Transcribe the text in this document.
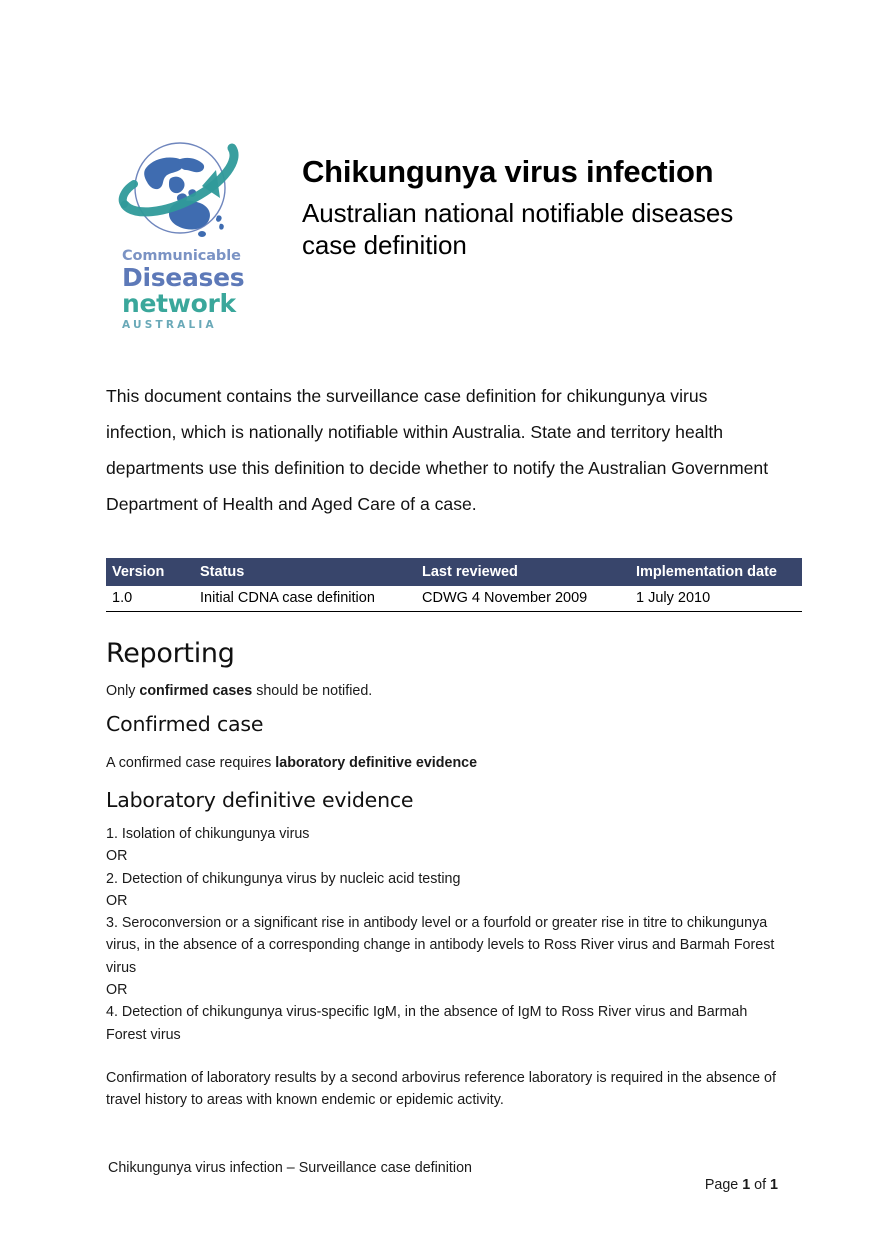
Communicable
Diseases
network
AUSTRALIA
Chikungunya virus infection
Australian national notifiable diseases case definition

This document contains the surveillance case definition for chikungunya virus infection, which is nationally notifiable within Australia. State and territory health departments use this definition to decide whether to notify the Australian Government Department of Health and Aged Care of a case.

Version	Status	Last reviewed	Implementation date
1.0	Initial CDNA case definition	CDWG 4 November 2009	1 July 2010
Reporting

Only confirmed cases should be notified.

Confirmed case

A confirmed case requires laboratory definitive evidence

Laboratory definitive evidence
1. Isolation of chikungunya virus
OR
2. Detection of chikungunya virus by nucleic acid testing
OR
3. Seroconversion or a significant rise in antibody level or a fourfold or greater rise in titre to chikungunya virus, in the absence of a corresponding change in antibody levels to Ross River virus and Barmah Forest virus
OR
4. Detection of chikungunya virus-specific IgM, in the absence of IgM to Ross River virus and Barmah Forest virus

Confirmation of laboratory results by a second arbovirus reference laboratory is required in the absence of travel history to areas with known endemic or epidemic activity.

Chikungunya virus infection – Surveillance case definition
Page 1 of 1
